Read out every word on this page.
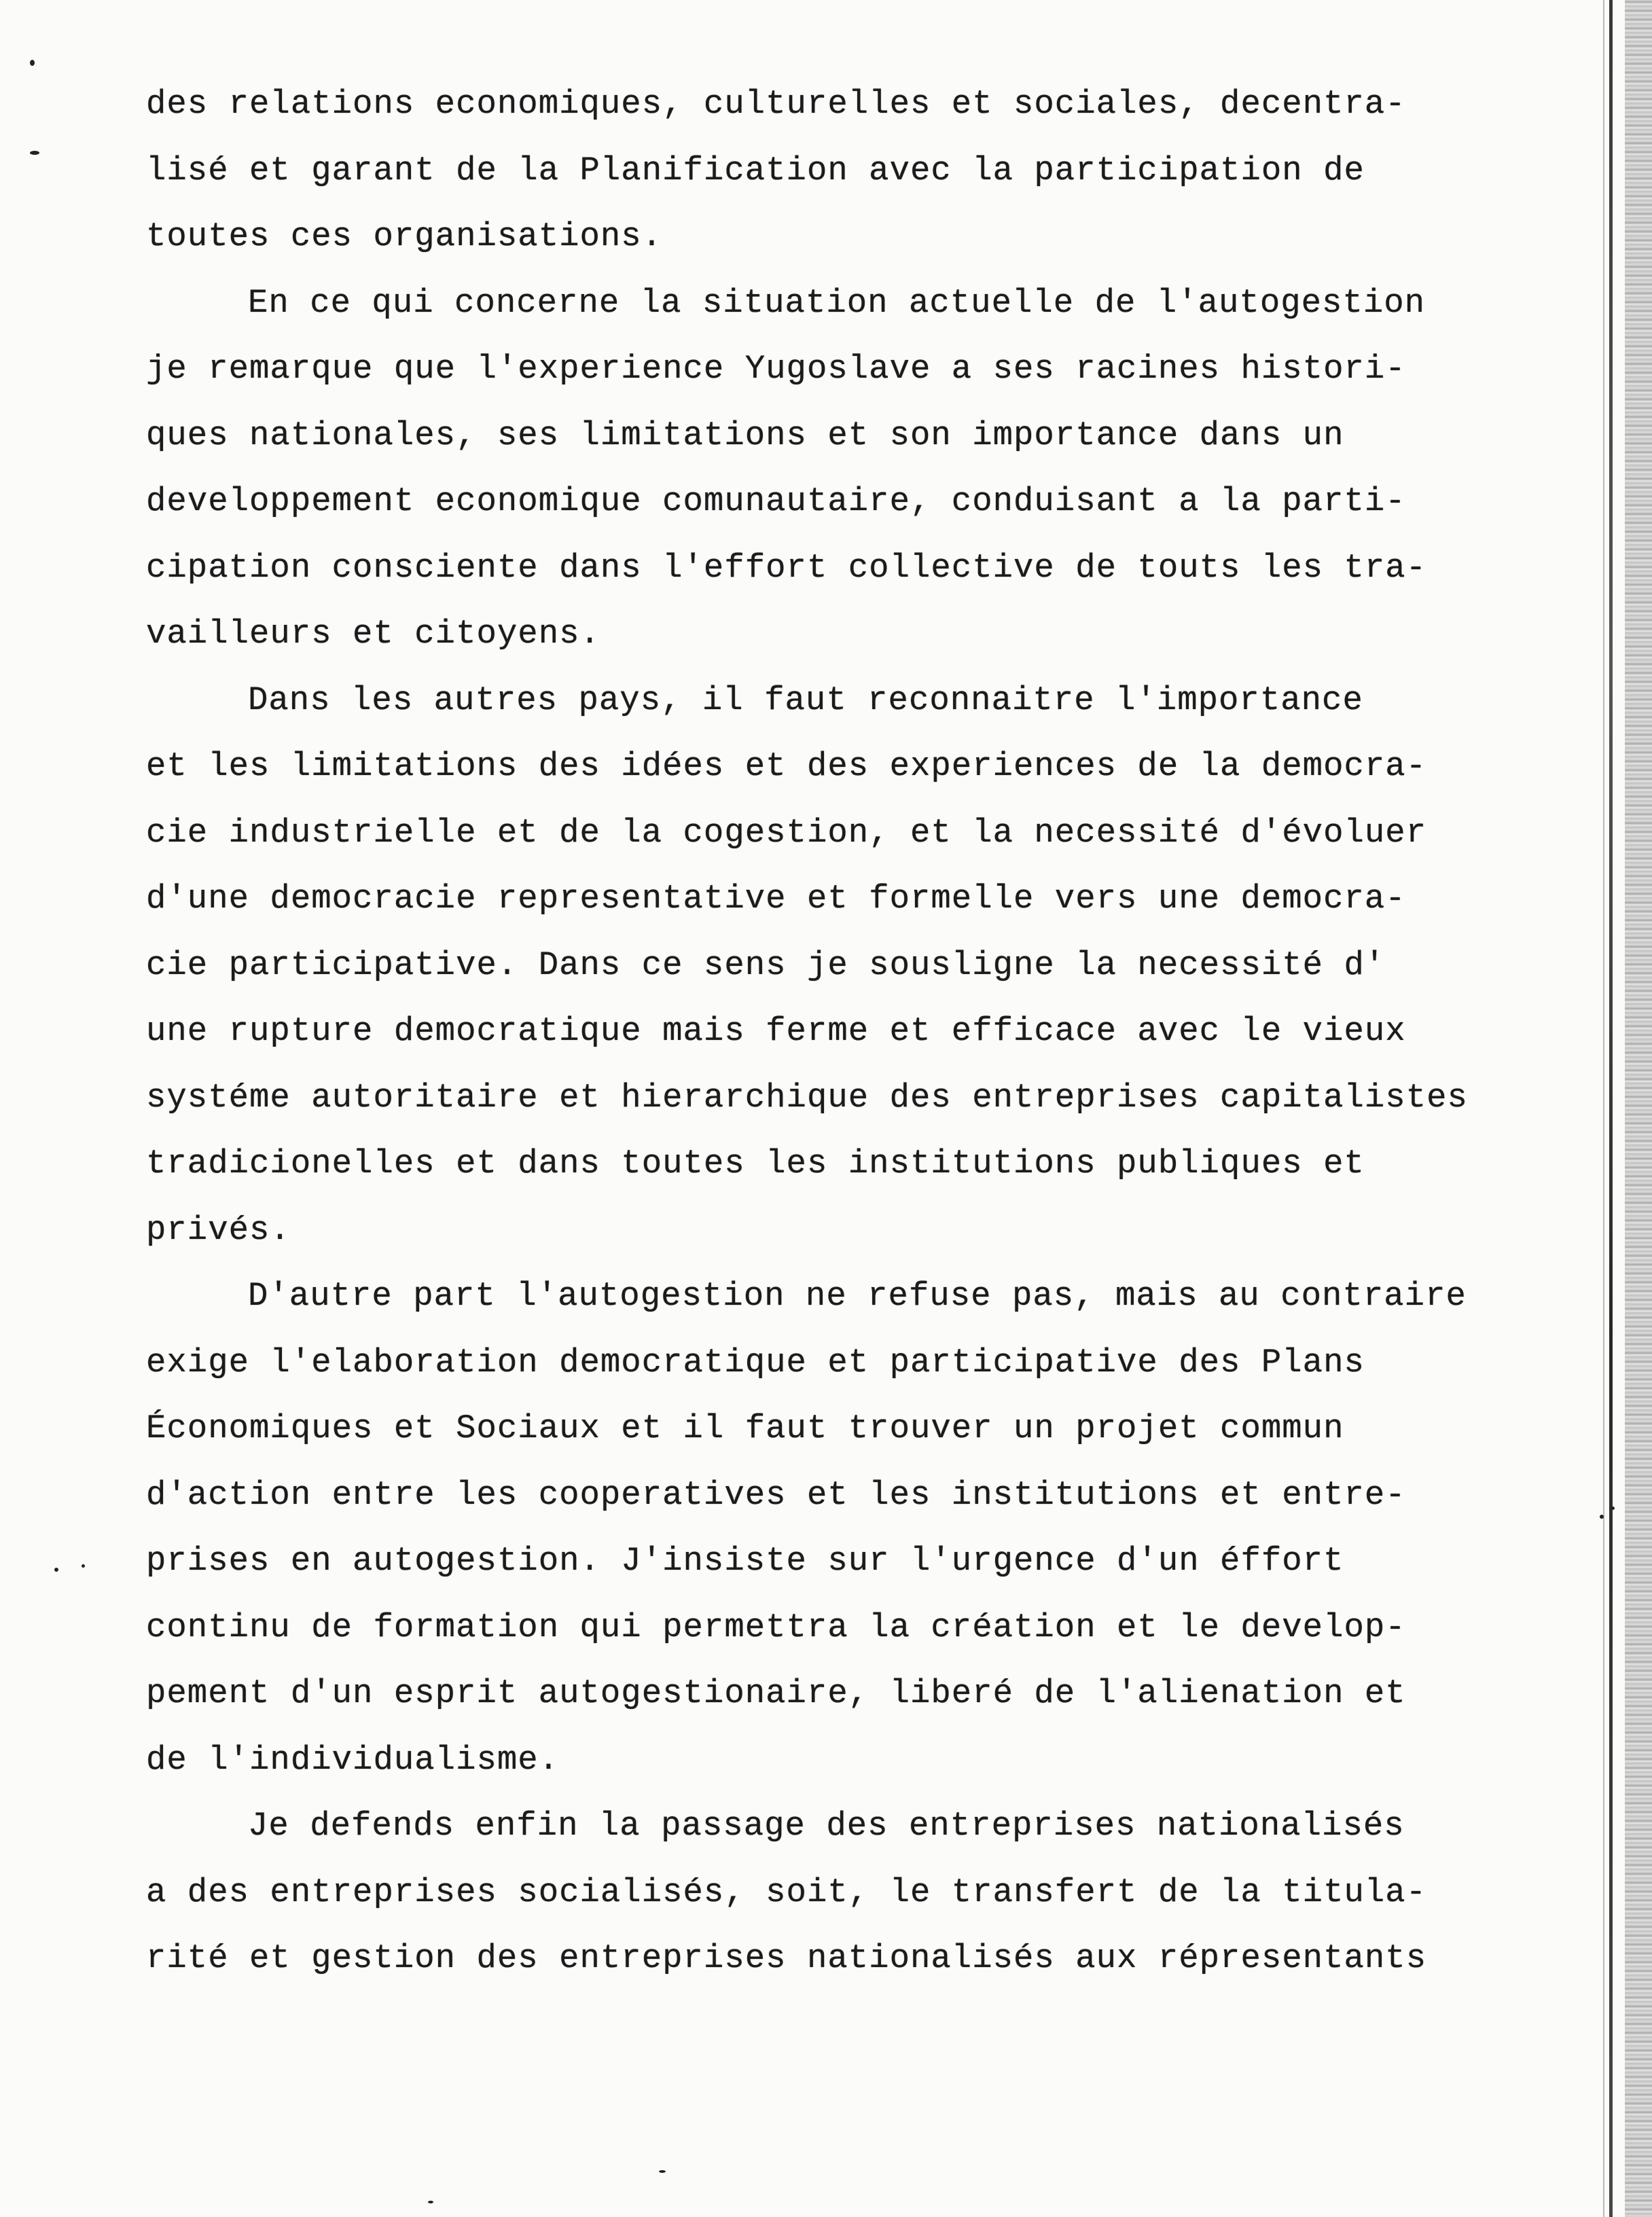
des relations economiques, culturelles et sociales, decentra-
lisé et garant de la Planification avec la participation de
toutes ces organisations.
En ce qui concerne la situation actuelle de l'autogestion
je remarque que l'experience Yugoslave a ses racines histori-
ques nationales, ses limitations et son importance dans un
developpement economique comunautaire, conduisant a la parti-
cipation consciente dans l'effort collective de touts les tra-
vailleurs et citoyens.
Dans les autres pays, il faut reconnaitre l'importance
et les limitations des idées et des experiences de la democra-
cie industrielle et de la cogestion, et la necessité d'évoluer
d'une democracie representative et formelle vers une democra-
cie participative. Dans ce sens je sousligne la necessité d'
une rupture democratique mais ferme et efficace avec le vieux
systéme autoritaire et hierarchique des entreprises capitalistes
tradicionelles et dans toutes les institutions publiques et
privés.
D'autre part l'autogestion ne refuse pas, mais au contraire
exige l'elaboration democratique et participative des Plans
Économiques et Sociaux et il faut trouver un projet commun
d'action entre les cooperatives et les institutions et entre-
prises en autogestion. J'insiste sur l'urgence d'un éffort
continu de formation qui permettra la création et le develop-
pement d'un esprit autogestionaire, liberé de l'alienation et
de l'individualisme.
Je defends enfin la passage des entreprises nationalisés
a des entreprises socialisés, soit, le transfert de la titula-
rité et gestion des entreprises nationalisés aux répresentants
